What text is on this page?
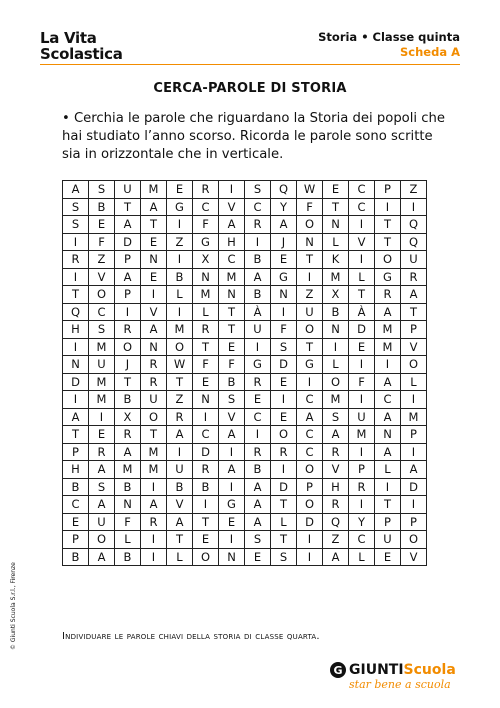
La Vita
Scolastica
Storia • Classe quinta
Scheda A
CERCA-PAROLE DI STORIA
• Cerchia le parole che riguardano la Storia dei popoli che hai studiato l’anno scorso. Ricorda le parole sono scritte sia in orizzontale che in verticale.
A	S	U	M	E	R	I	S	Q	W	E	C	P	Z
S	B	T	A	G	C	V	C	Y	F	T	C	I	I
S	E	A	T	I	F	A	R	A	O	N	I	T	Q
I	F	D	E	Z	G	H	I	J	N	L	V	T	Q
R	Z	P	N	I	X	C	B	E	T	K	I	O	U
I	V	A	E	B	N	M	A	G	I	M	L	G	R
T	O	P	I	L	M	N	B	N	Z	X	T	R	A
Q	C	I	V	I	L	T	À	I	U	B	À	A	T
H	S	R	A	M	R	T	U	F	O	N	D	M	P
I	M	O	N	O	T	E	I	S	T	I	E	M	V
N	U	J	R	W	F	F	G	D	G	L	I	I	O
D	M	T	R	T	E	B	R	E	I	O	F	A	L
I	M	B	U	Z	N	S	E	I	C	M	I	C	I
A	I	X	O	R	I	V	C	E	A	S	U	A	M
T	E	R	T	A	C	A	I	O	C	A	M	N	P
P	R	A	M	I	D	I	R	R	C	R	I	A	I
H	A	M	M	U	R	A	B	I	O	V	P	L	A
B	S	B	I	B	B	I	A	D	P	H	R	I	D
C	A	N	A	V	I	G	A	T	O	R	I	T	I
E	U	F	R	A	T	E	A	L	D	Q	Y	P	P
P	O	L	I	T	E	I	S	T	I	Z	C	U	O
B	A	B	I	L	O	N	E	S	I	A	L	E	V
Individuare le parole chiavi della storia di classe quarta.
© Giunti Scuola S.r.l., Firenze
G GIUNTI Scuola
star bene a scuola
